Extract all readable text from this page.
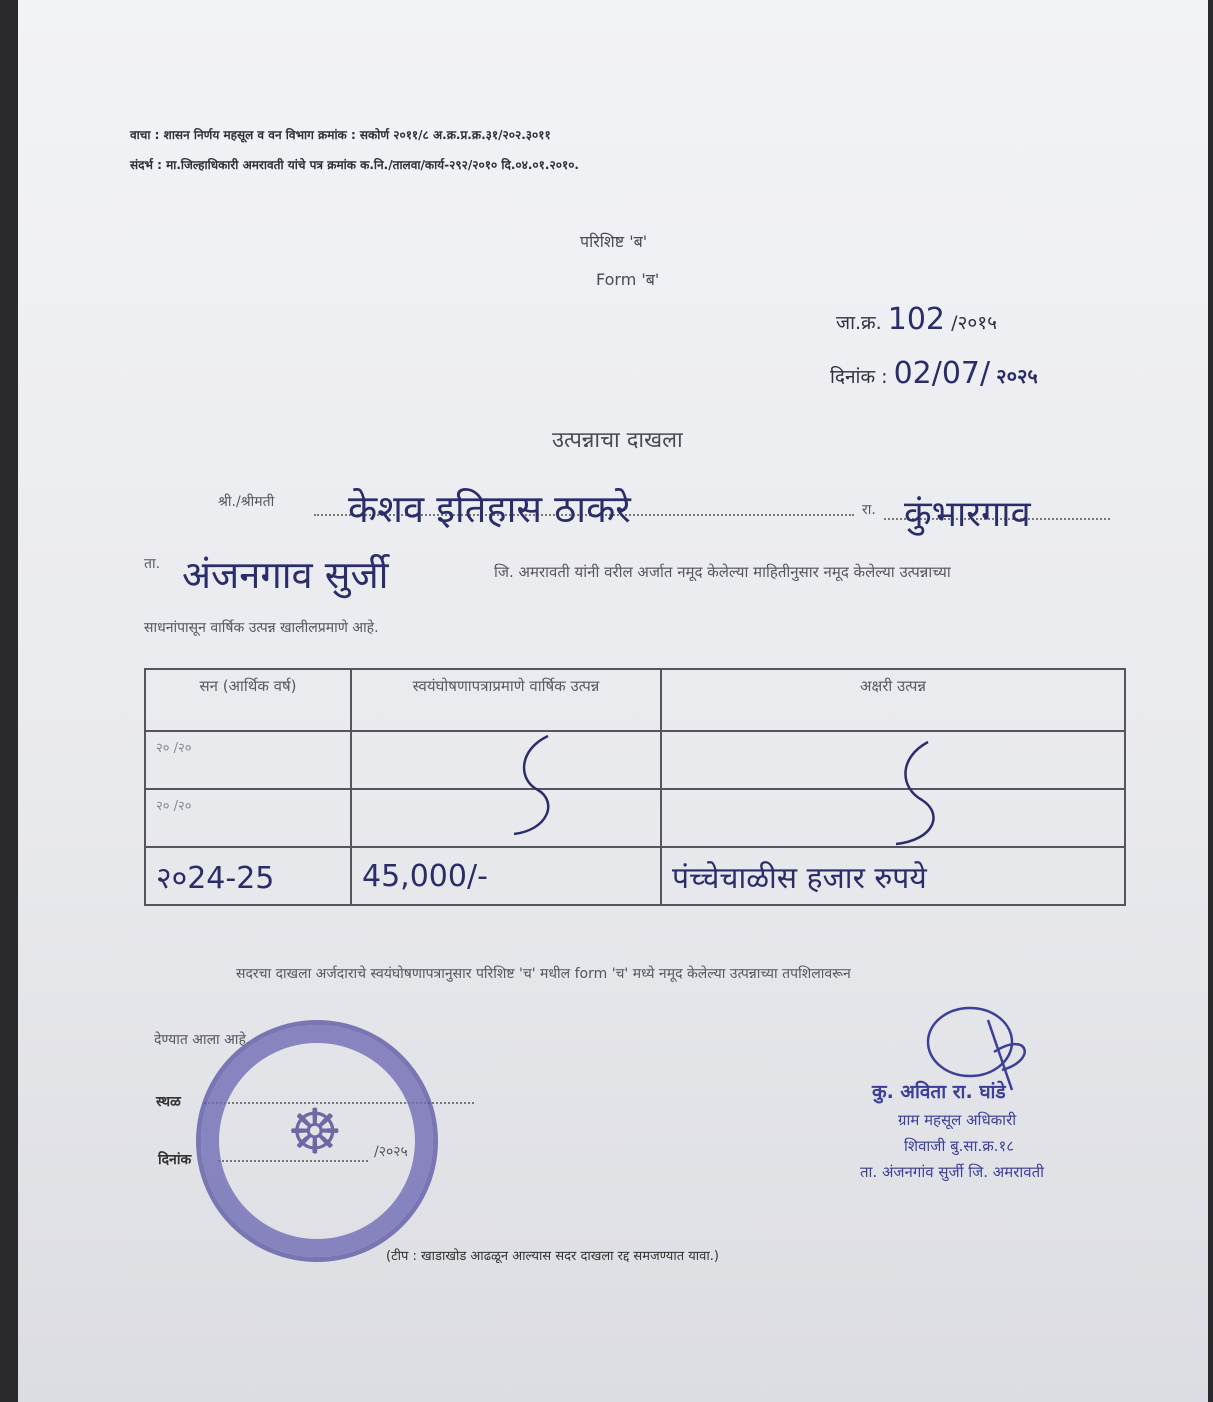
वाचा : शासन निर्णय महसूल व वन विभाग क्रमांक : सकोर्ण २०११/८ अ.क्र.प्र.क्र.३१/२०२.३०११
संदर्भ : मा.जिल्हाधिकारी अमरावती यांचे पत्र क्रमांक क.नि./तालवा/कार्य-२९२/२०१० दि.०४.०१.२०१०.
परिशिष्ट 'ब'
Form 'ब'
जा.क्र. 102 /२०१५
दिनांक : 02/07/ २०२५
उत्पन्नाचा दाखला
श्री./श्रीमती केशव इतिहास ठाकरे	रा. कुंभारगाव
ता. अंजनगाव सुर्जी	जि. अमरावती यांनी वरील अर्जात नमूद केलेल्या माहितीनुसार नमूद केलेल्या उत्पन्नाच्या
साधनांपासून वार्षिक उत्पन्न खालीलप्रमाणे आहे.
सन (आर्थिक वर्ष)	स्वयंघोषणापत्राप्रमाणे वार्षिक उत्पन्न	अक्षरी उत्पन्न
२० /२०		
२० /२०		
२०24-25	45,000/-	पंच्चेचाळीस हजार रुपये
सदरचा दाखला अर्जदाराचे स्वयंघोषणापत्रानुसार परिशिष्ट 'च' मधील form 'च' मध्ये नमूद केलेल्या उत्पन्नाच्या तपशिलावरून
देण्यात आला आहे.
स्थळ
दिनांक	/२०२५
☸
कु. अविता रा. घांडे
ग्राम महसूल अधिकारी
शिवाजी बु.सा.क्र.१८
ता. अंजनगांव सुर्जी जि. अमरावती
(टीप : खाडाखोड आढळून आल्यास सदर दाखला रद्द समजण्यात यावा.)
